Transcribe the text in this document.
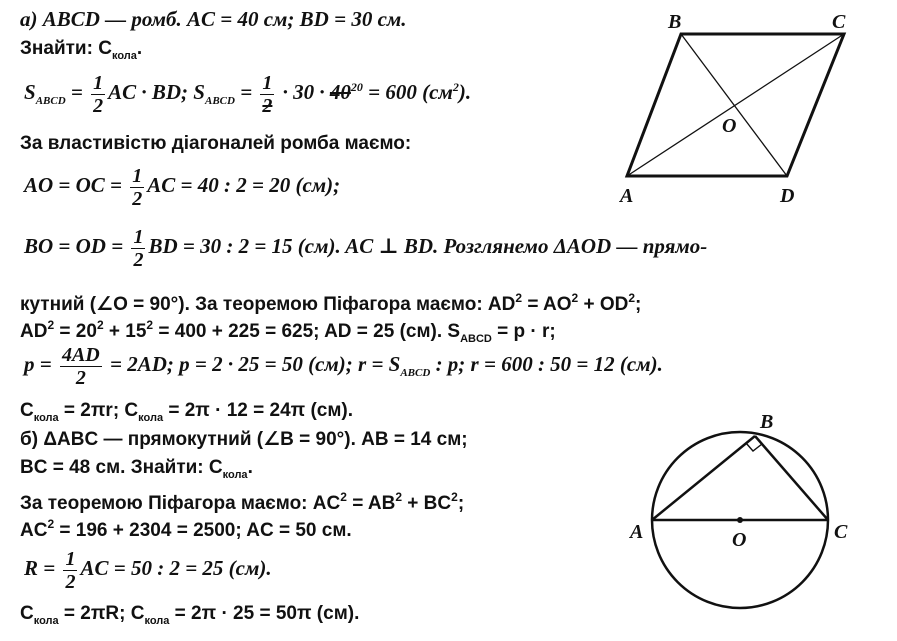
а) ABCD — ромб. AC = 40 см; BD = 30 см.
Знайти: $C_{кола}$.
$S_{ABCD} = \frac{1}{2}$ AC · BD; $S_{ABCD} = \frac{1}{2} \cdot 30 \cdot 40^{20} = 600$ $(см^2)$.
За властивістю діагоналей ромба маємо:
AO = OC = $\frac{1}{2}$ AC = 40 : 2 = 20 (см);
BO = OD = $\frac{1}{2}$ BD = 30 : 2 = 15 (см). AC ⊥ BD. Розглянемо ΔAOD — прямо-
кутний (∠O = 90°). За теоремою Піфагора маємо: $AD^2 = AO^2 + OD^2$;
$AD^2 = 20^2 + 15^2 = 400 + 225 = 625$; AD = 25 (см). $S_{ABCD} = p \cdot r$;
$p = \frac{4AD}{2} = 2AD$; p = 2 · 25 = 50 (см); $r = S_{ABCD}$ : p; r = 600 : 50 = 12 (см).
$C_{кола} = 2\pi r$; $C_{кола} = 2\pi \cdot 12 = 24\pi$ (см).
б) ΔABC — прямокутний (∠B = 90°). AB = 14 см;
BC = 48 см. Знайти: $C_{кола}$.
За теоремою Піфагора маємо: $AC^2 = AB^2 + BC^2$;
$AC^2 = 196 + 2304 = 2500$; AC = 50 см.
$R = \frac{1}{2}$ AC = 50 : 2 = 25 (см).
$C_{кола} = 2\pi R$; $C_{кола} = 2\pi \cdot 25 = 50\pi$ (см).
B	C
O
A	D
B
A	C
O
